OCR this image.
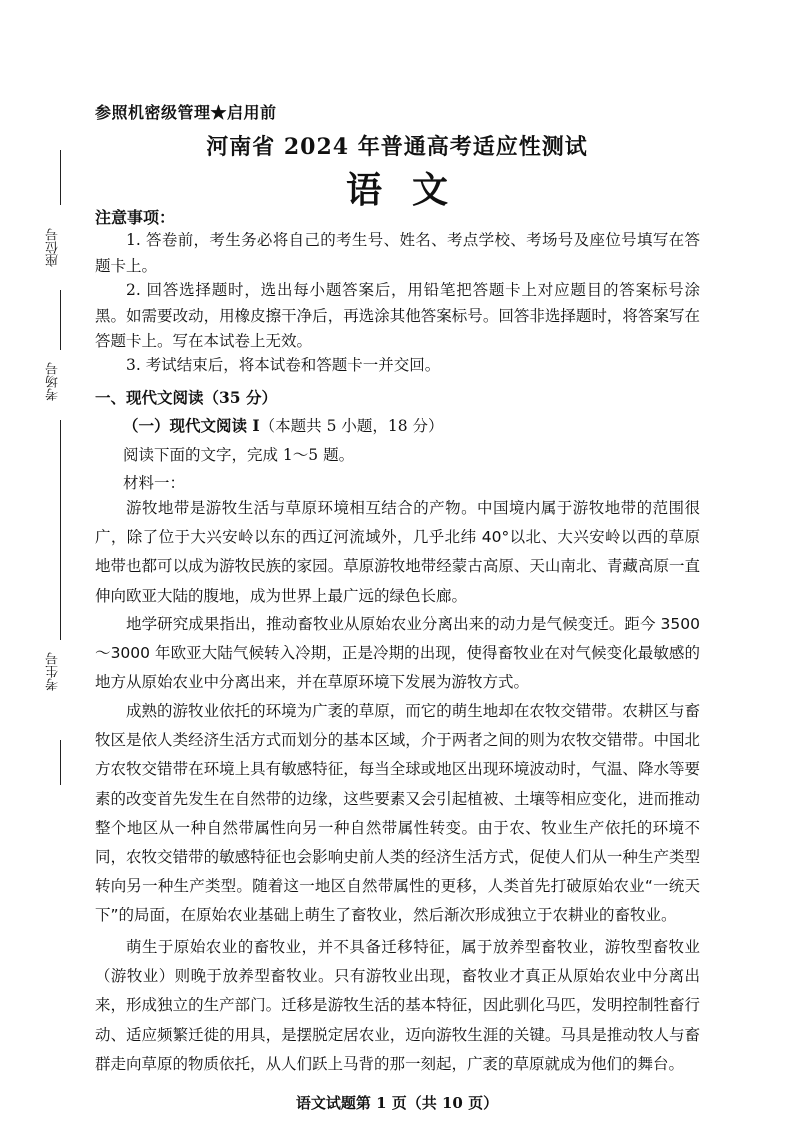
座位号
考场号
考生号
参照机密级管理★启用前
河南省 2024 年普通高考适应性测试
语文
注意事项：
1. 答卷前，考生务必将自己的考生号、姓名、考点学校、考场号及座位号填写在答题卡上。
2. 回答选择题时，选出每小题答案后，用铅笔把答题卡上对应题目的答案标号涂黑。如需要改动，用橡皮擦干净后，再选涂其他答案标号。回答非选择题时，将答案写在答题卡上。写在本试卷上无效。
3. 考试结束后，将本试卷和答题卡一并交回。
一、现代文阅读（35 分）
（一）现代文阅读 I（本题共 5 小题，18 分）
阅读下面的文字，完成 1～5 题。
材料一：
游牧地带是游牧生活与草原环境相互结合的产物。中国境内属于游牧地带的范围很广，除了位于大兴安岭以东的西辽河流域外，几乎北纬 40°以北、大兴安岭以西的草原地带也都可以成为游牧民族的家园。草原游牧地带经蒙古高原、天山南北、青藏高原一直伸向欧亚大陆的腹地，成为世界上最广远的绿色长廊。
地学研究成果指出，推动畜牧业从原始农业分离出来的动力是气候变迁。距今 3500～3000 年欧亚大陆气候转入冷期，正是冷期的出现，使得畜牧业在对气候变化最敏感的地方从原始农业中分离出来，并在草原环境下发展为游牧方式。
成熟的游牧业依托的环境为广袤的草原，而它的萌生地却在农牧交错带。农耕区与畜牧区是依人类经济生活方式而划分的基本区域，介于两者之间的则为农牧交错带。中国北方农牧交错带在环境上具有敏感特征，每当全球或地区出现环境波动时，气温、降水等要素的改变首先发生在自然带的边缘，这些要素又会引起植被、土壤等相应变化，进而推动整个地区从一种自然带属性向另一种自然带属性转变。由于农、牧业生产依托的环境不同，农牧交错带的敏感特征也会影响史前人类的经济生活方式，促使人们从一种生产类型转向另一种生产类型。随着这一地区自然带属性的更移，人类首先打破原始农业“一统天下”的局面，在原始农业基础上萌生了畜牧业，然后渐次形成独立于农耕业的畜牧业。
萌生于原始农业的畜牧业，并不具备迁移特征，属于放养型畜牧业，游牧型畜牧业（游牧业）则晚于放养型畜牧业。只有游牧业出现，畜牧业才真正从原始农业中分离出来，形成独立的生产部门。迁移是游牧生活的基本特征，因此驯化马匹，发明控制牲畜行动、适应频繁迁徙的用具，是摆脱定居农业，迈向游牧生涯的关键。马具是推动牧人与畜群走向草原的物质依托，从人们跃上马背的那一刻起，广袤的草原就成为他们的舞台。
语文试题第 1 页（共 10 页）
